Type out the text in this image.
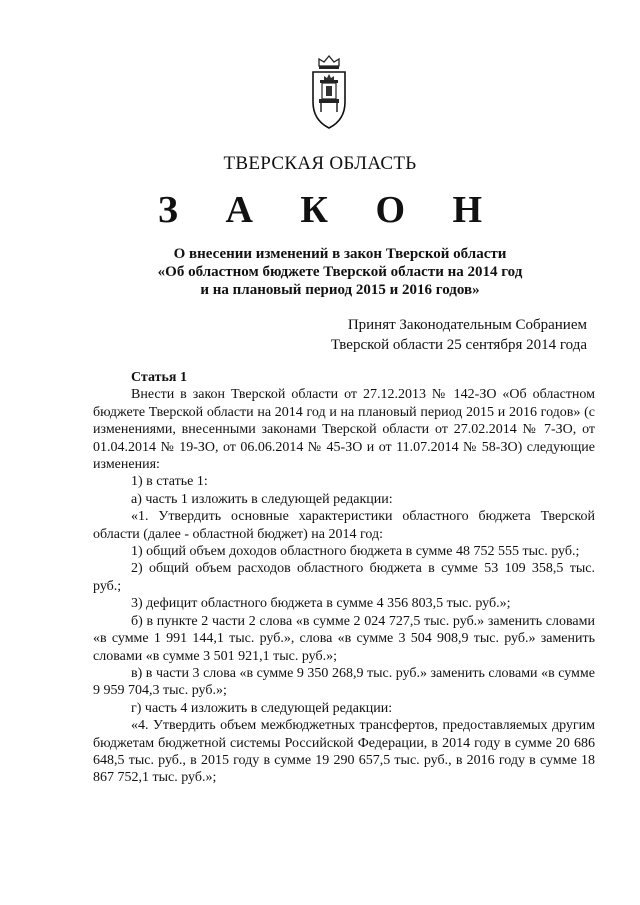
ТВЕРСКАЯ ОБЛАСТЬ
З А К О Н
О внесении изменений в закон Тверской области
«Об областном бюджете Тверской области на 2014 год
и на плановый период 2015 и 2016 годов»
Принят Законодательным Собранием
Тверской области 25 сентября 2014 года
Статья 1

Внести в закон Тверской области от 27.12.2013 № 142-ЗО «Об областном бюджете Тверской области на 2014 год и на плановый период 2015 и 2016 годов» (с изменениями, внесенными законами Тверской области от 27.02.2014 № 7-ЗО, от 01.04.2014 № 19-ЗО, от 06.06.2014 № 45-ЗО и от 11.07.2014 № 58-ЗО) следующие изменения:

1) в статье 1:

а) часть 1 изложить в следующей редакции:

«1. Утвердить основные характеристики областного бюджета Тверской области (далее - областной бюджет) на 2014 год:

1) общий объем доходов областного бюджета в сумме 48 752 555 тыс. руб.;

2) общий объем расходов областного бюджета в сумме 53 109 358,5 тыс. руб.;

3) дефицит областного бюджета в сумме 4 356 803,5 тыс. руб.»;

б) в пункте 2 части 2 слова «в сумме 2 024 727,5 тыс. руб.» заменить словами «в сумме 1 991 144,1 тыс. руб.», слова «в сумме 3 504 908,9 тыс. руб.» заменить словами «в сумме 3 501 921,1 тыс. руб.»;

в) в части 3 слова «в сумме 9 350 268,9 тыс. руб.» заменить словами «в сумме 9 959 704,3 тыс. руб.»;

г) часть 4 изложить в следующей редакции:

«4. Утвердить объем межбюджетных трансфертов, предоставляемых другим бюджетам бюджетной системы Российской Федерации, в 2014 году в сумме 20 686 648,5 тыс. руб., в 2015 году в сумме 19 290 657,5 тыс. руб., в 2016 году в сумме 18 867 752,1 тыс. руб.»;
